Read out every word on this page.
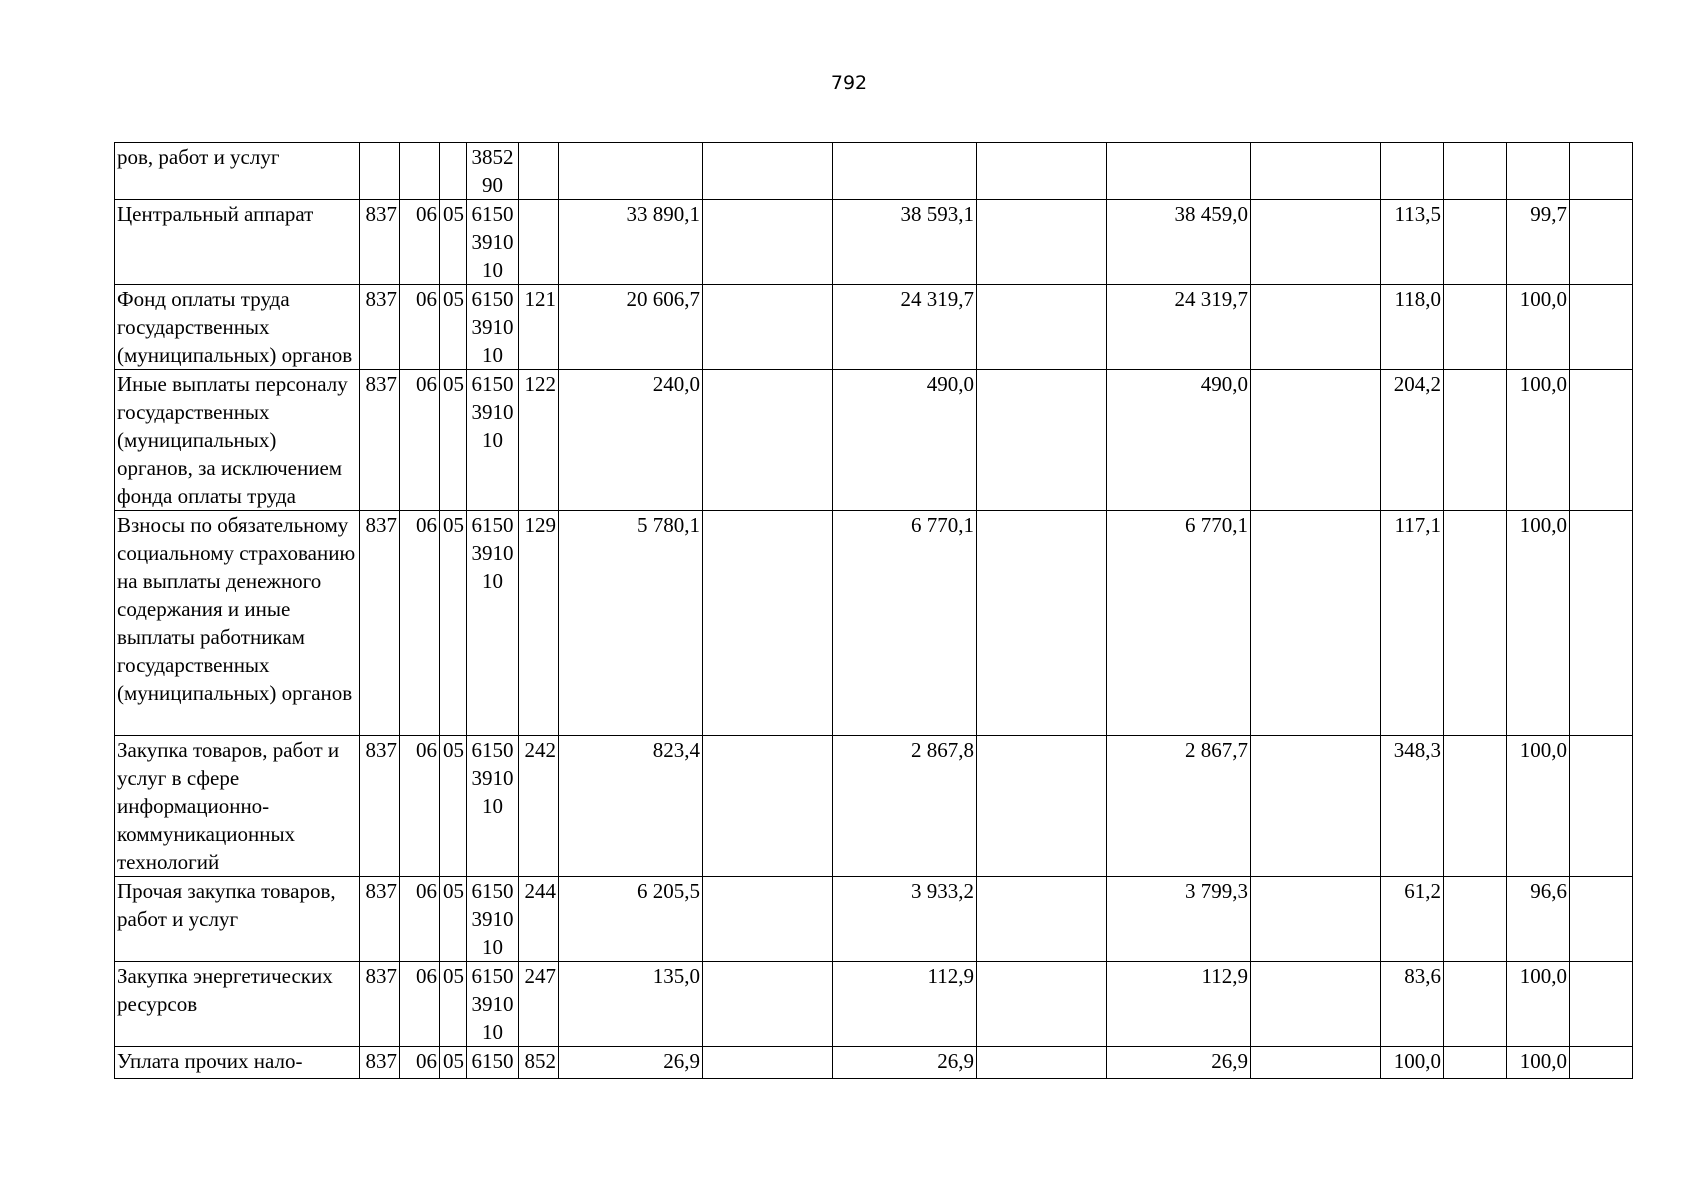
792
ров, работ и услуг				3852 90											
Центральный аппарат	837	06	05	6150 3910 10		33 890,1		38 593,1		38 459,0		113,5		99,7	
Фонд оплаты труда государственных (муниципальных) органов	837	06	05	6150 3910 10	121	20 606,7		24 319,7		24 319,7		118,0		100,0	
Иные выплаты персоналу государственных (муниципальных) органов, за исключением фонда оплаты труда	837	06	05	6150 3910 10	122	240,0		490,0		490,0		204,2		100,0	
Взносы по обязательному социальному страхованию на выплаты денежного содержания и иные выплаты работникам государственных (муниципальных) органов	837	06	05	6150 3910 10	129	5 780,1		6 770,1		6 770,1		117,1		100,0	
Закупка товаров, работ и услуг в сфере информационно-коммуникационных технологий	837	06	05	6150 3910 10	242	823,4		2 867,8		2 867,7		348,3		100,0	
Прочая закупка товаров, работ и услуг	837	06	05	6150 3910 10	244	6 205,5		3 933,2		3 799,3		61,2		96,6	
Закупка энергетических ресурсов	837	06	05	6150 3910 10	247	135,0		112,9		112,9		83,6		100,0	
Уплата прочих нало-	837	06	05	6150	852	26,9		26,9		26,9		100,0		100,0	
